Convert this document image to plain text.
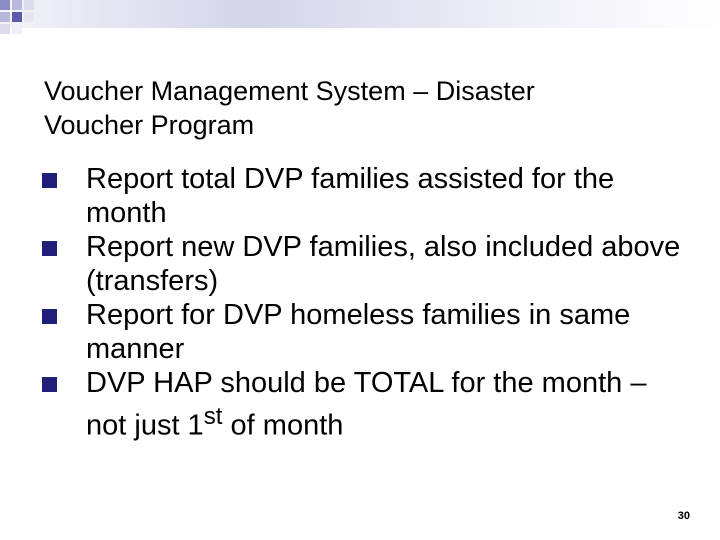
Voucher Management System – Disaster
Voucher Program
Report total DVP families assisted for the month
Report new DVP families, also included above (transfers)
Report for DVP homeless families in same manner
DVP HAP should be TOTAL for the month – not just 1st of month
30
